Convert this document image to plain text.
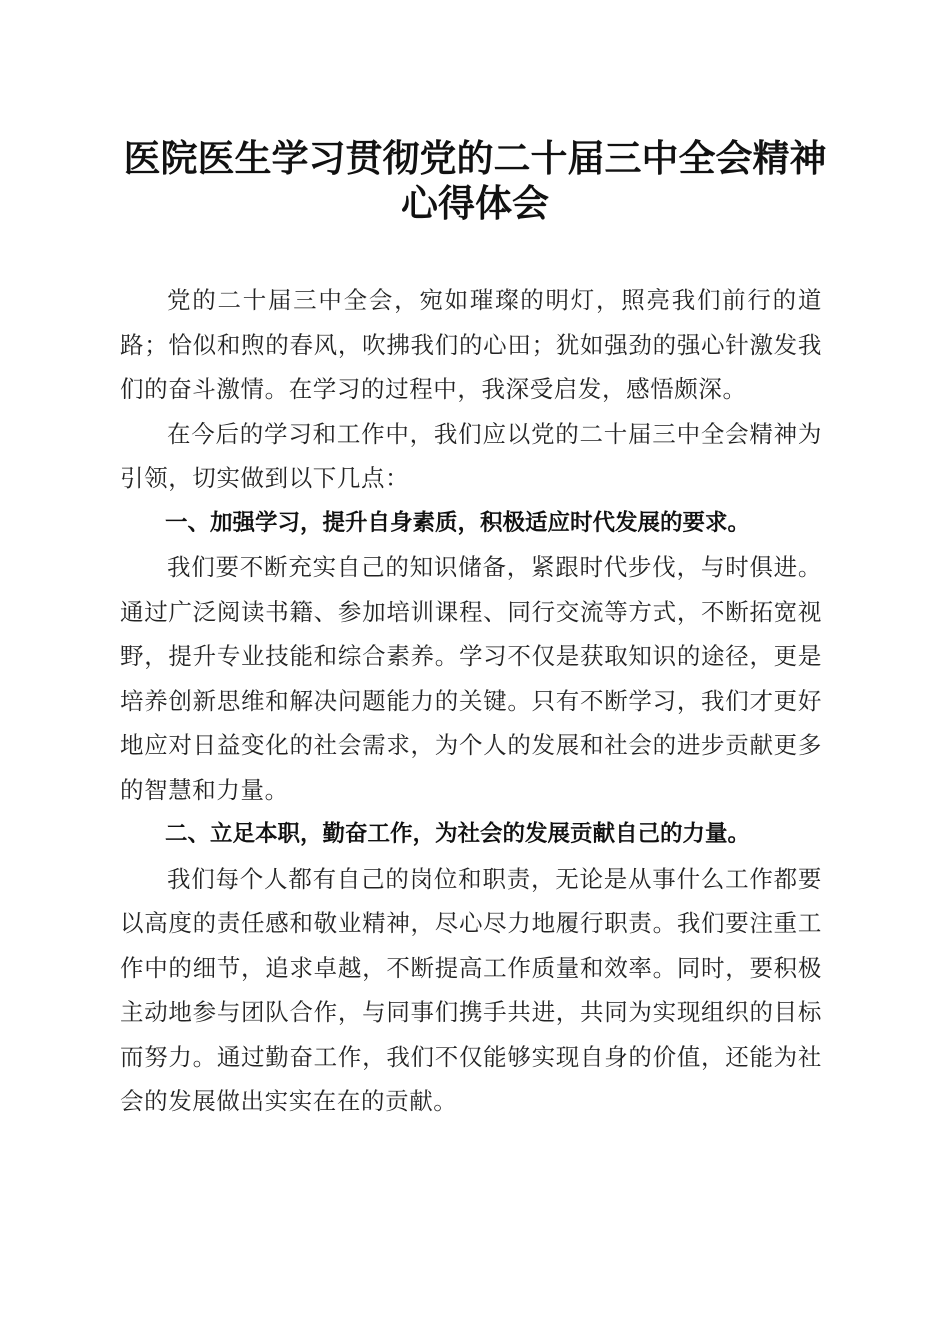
医院医生学习贯彻党的二十届三中全会精神心得体会

党的二十届三中全会，宛如璀璨的明灯，照亮我们前行的道路；恰似和煦的春风，吹拂我们的心田；犹如强劲的强心针激发我们的奋斗激情。在学习的过程中，我深受启发，感悟颇深。

在今后的学习和工作中，我们应以党的二十届三中全会精神为引领，切实做到以下几点：

一、加强学习，提升自身素质，积极适应时代发展的要求。

我们要不断充实自己的知识储备，紧跟时代步伐，与时俱进。通过广泛阅读书籍、参加培训课程、同行交流等方式，不断拓宽视野，提升专业技能和综合素养。学习不仅是获取知识的途径，更是培养创新思维和解决问题能力的关键。只有不断学习，我们才更好地应对日益变化的社会需求，为个人的发展和社会的进步贡献更多的智慧和力量。

二、立足本职，勤奋工作，为社会的发展贡献自己的力量。

我们每个人都有自己的岗位和职责，无论是从事什么工作都要以高度的责任感和敬业精神，尽心尽力地履行职责。我们要注重工作中的细节，追求卓越，不断提高工作质量和效率。同时，要积极主动地参与团队合作，与同事们携手共进，共同为实现组织的目标而努力。通过勤奋工作，我们不仅能够实现自身的价值，还能为社会的发展做出实实在在的贡献。
